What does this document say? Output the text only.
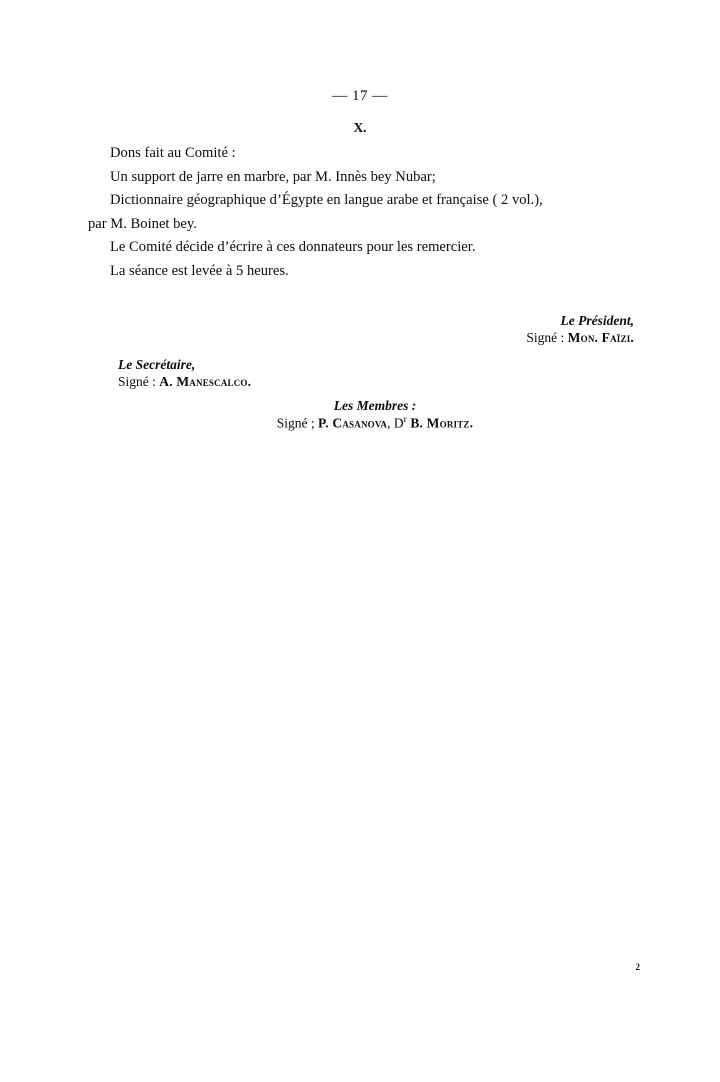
— 17 —
X.

Dons fait au Comité :

Un support de jarre en marbre, par M. Innès bey Nubar;

Dictionnaire géographique d’Égypte en langue arabe et française ( 2 vol.),

par M. Boinet bey.

Le Comité décide d’écrire à ces donnateurs pour les remercier.

La séance est levée à 5 heures.

Le Président,
Signé : Mon. Faïzi.
Le Secrétaire,
Signé : A. Manescalco.
Les Membres :
Signé ; P. Casanova, $D^r$ B. Moritz.
2
